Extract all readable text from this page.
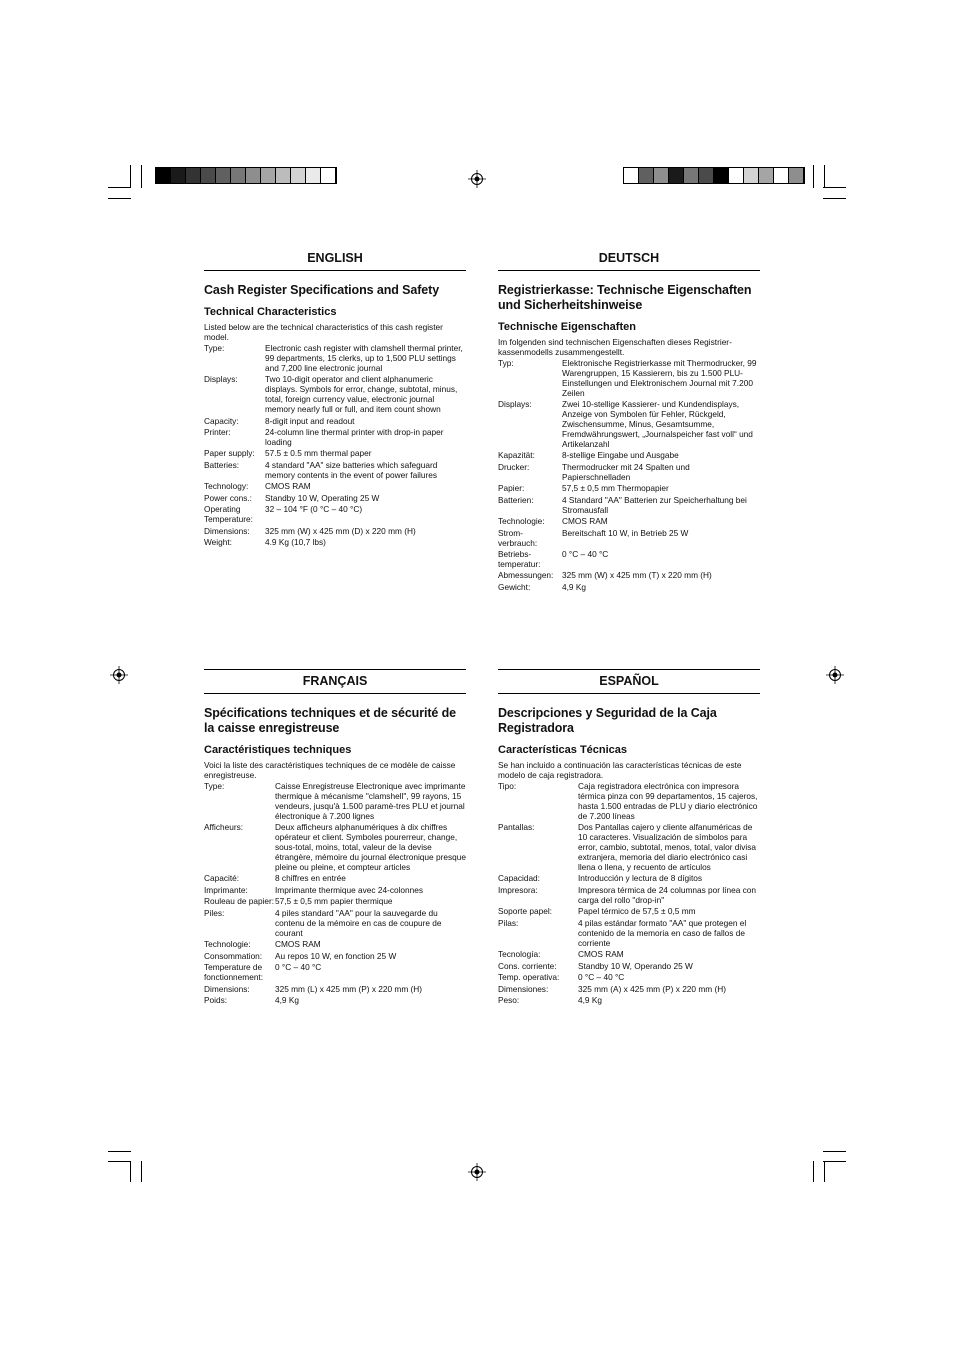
ENGLISH
Cash Register Specifications and Safety
Technical Characteristics
Listed below are the technical characteristics of this cash register model.
Type:	Electronic cash register with clamshell thermal printer, 99 departments, 15 clerks, up to 1,500 PLU settings and 7,200 line electronic journal
Displays:	Two 10-digit operator and client alphanumeric displays. Symbols for error, change, subtotal, minus, total, foreign currency value, electronic journal memory nearly full or full, and item count shown
Capacity:	8-digit input and readout
Printer:	24-column line thermal printer with drop-in paper loading
Paper supply:	57.5 ± 0.5 mm thermal paper
Batteries:	4 standard "AA" size batteries which safeguard memory contents in the event of power failures
Technology:	CMOS RAM
Power cons.:	Standby 10 W, Operating 25 W
Operating Temperature:
32 – 104 °F (0 °C – 40 °C)
Dimensions:	325 mm (W) x 425 mm (D) x 220 mm (H)
Weight:	4.9 Kg (10,7 lbs)
DEUTSCH
Registrierkasse: Technische Eigenschaften und Sicherheitshinweise
Technische Eigenschaften
Im folgenden sind technischen Eigenschaften dieses Registrier-kassenmodells zusammengestellt.
Typ:	Elektronische Registrierkasse mit Thermodrucker, 99 Warengruppen, 15 Kassierern, bis zu 1.500 PLU-Einstellungen und Elektronischem Journal mit 7.200 Zeilen
Displays:	Zwei 10-stellige Kassierer- und Kundendisplays, Anzeige von Symbolen für Fehler, Rückgeld, Zwischensumme, Minus, Gesamtsumme, Fremdwährungswert, „Journalspeicher fast voll“ und Artikelanzahl
Kapazität:	8-stellige Eingabe und Ausgabe
Drucker:	Thermodrucker mit 24 Spalten und Papierschnelladen
Papier:	57,5 ± 0,5 mm Thermopapier
Batterien:	4 Standard "AA" Batterien zur Speicherhaltung bei Stromausfall
Technologie:	CMOS RAM
Strom-verbrauch:
Bereitschaft 10 W, in Betrieb 25 W
Betriebs-temperatur:
0 °C – 40 °C
Abmessungen:	325 mm (W) x 425 mm (T) x 220 mm (H)
Gewicht:	4,9 Kg
FRANÇAIS
Spécifications techniques et de sécurité de la caisse enregistreuse
Caractéristiques techniques
Voici la liste des caractéristiques techniques de ce modèle de caisse enregistreuse.
Type:	Caisse Enregistreuse Electronique avec imprimante thermique à mécanisme "clamshell", 99 rayons, 15 vendeurs, jusqu'à 1.500 paramè-tres PLU et journal électronique à 7.200 lignes
Afficheurs:	Deux afficheurs alphanumériques à dix chiffres opérateur et client. Symboles pourerreur, change, sous-total, moins, total, valeur de la devise étrangère, mémoire du journal électronique presque pleine ou pleine, et compteur articles
Capacité:	8 chiffres en entrée
Imprimante:	Imprimante thermique avec 24-colonnes
Rouleau de papier: 57,5 ± 0,5 mm papier thermique
Piles:	4 piles standard "AA" pour la sauvegarde du contenu de la mémoire en cas de coupure de courant
Technologie:	CMOS RAM
Consommation:	Au repos 10 W, en fonction 25 W
Temperature de fonctionnement:
0 °C – 40 °C
Dimensions:	325 mm (L) x 425 mm (P) x 220 mm (H)
Poids:	4,9 Kg
ESPAÑOL
Descripciones y Seguridad de la Caja Registradora
Características Técnicas
Se han incluido a continuación las características técnicas de este modelo de caja registradora.
Tipo:	Caja registradora electrónica con impresora térmica pinza con 99 departamentos, 15 cajeros, hasta 1.500 entradas de PLU y diario electrónico de 7.200 líneas
Pantallas:	Dos Pantallas cajero y cliente alfanuméricas de 10 caracteres. Visualización de símbolos para error, cambio, subtotal, menos, total, valor divisa extranjera, memoria del diario electrónico casi llena o llena, y recuento de artículos
Capacidad:	Introducción y lectura de 8 dígitos
Impresora:	Impresora térmica de 24 columnas por línea con carga del rollo "drop-in"
Soporte papel:	Papel térmico de 57,5 ± 0,5 mm
Pilas:	4 pilas estándar formato "AA" que protegen el contenido de la memoria en caso de fallos de corriente
Tecnología:	CMOS RAM
Cons. corriente:	Standby 10 W, Operando 25 W
Temp. operativa:	0 °C – 40 °C
Dimensiones:	325 mm (A) x 425 mm (P) x 220 mm (H)
Peso:	4,9 Kg
